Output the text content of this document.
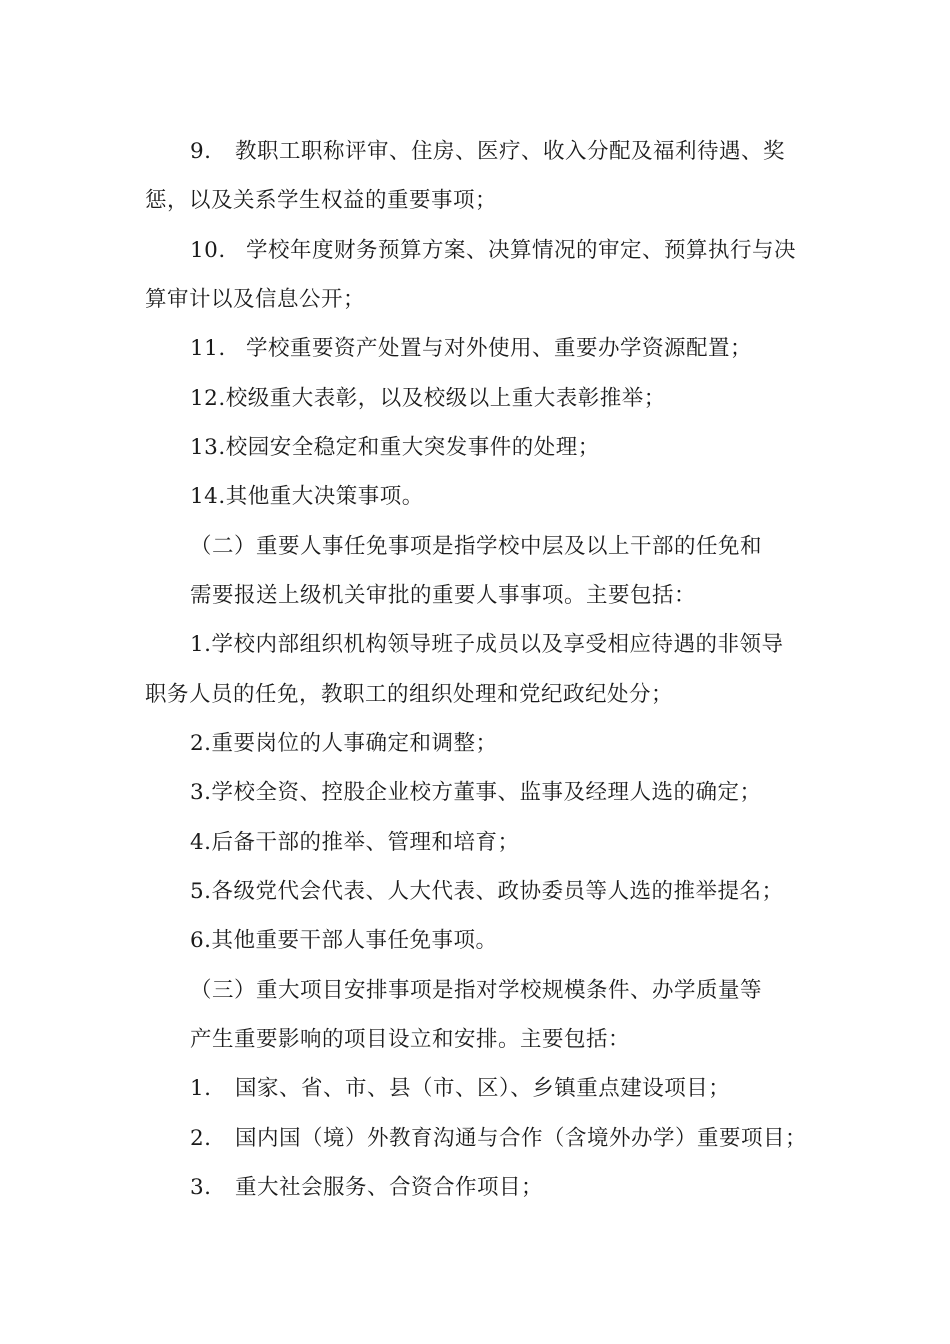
9. 教职工职称评审、住房、医疗、收入分配及福利待遇、奖
惩，以及关系学生权益的重要事项；
10. 学校年度财务预算方案、决算情况的审定、预算执行与决
算审计以及信息公开；
11. 学校重要资产处置与对外使用、重要办学资源配置；
12.校级重大表彰，以及校级以上重大表彰推举；
13.校园安全稳定和重大突发事件的处理；
14.其他重大决策事项。
（二）重要人事任免事项是指学校中层及以上干部的任免和
需要报送上级机关审批的重要人事事项。主要包括：
1.学校内部组织机构领导班子成员以及享受相应待遇的非领导
职务人员的任免，教职工的组织处理和党纪政纪处分；
2.重要岗位的人事确定和调整；
3.学校全资、控股企业校方董事、监事及经理人选的确定；
4.后备干部的推举、管理和培育；
5.各级党代会代表、人大代表、政协委员等人选的推举提名；
6.其他重要干部人事任免事项。
（三）重大项目安排事项是指对学校规模条件、办学质量等
产生重要影响的项目设立和安排。主要包括：
1. 国家、省、市、县（市、区）、乡镇重点建设项目；
2. 国内国（境）外教育沟通与合作（含境外办学）重要项目；
3. 重大社会服务、合资合作项目；
